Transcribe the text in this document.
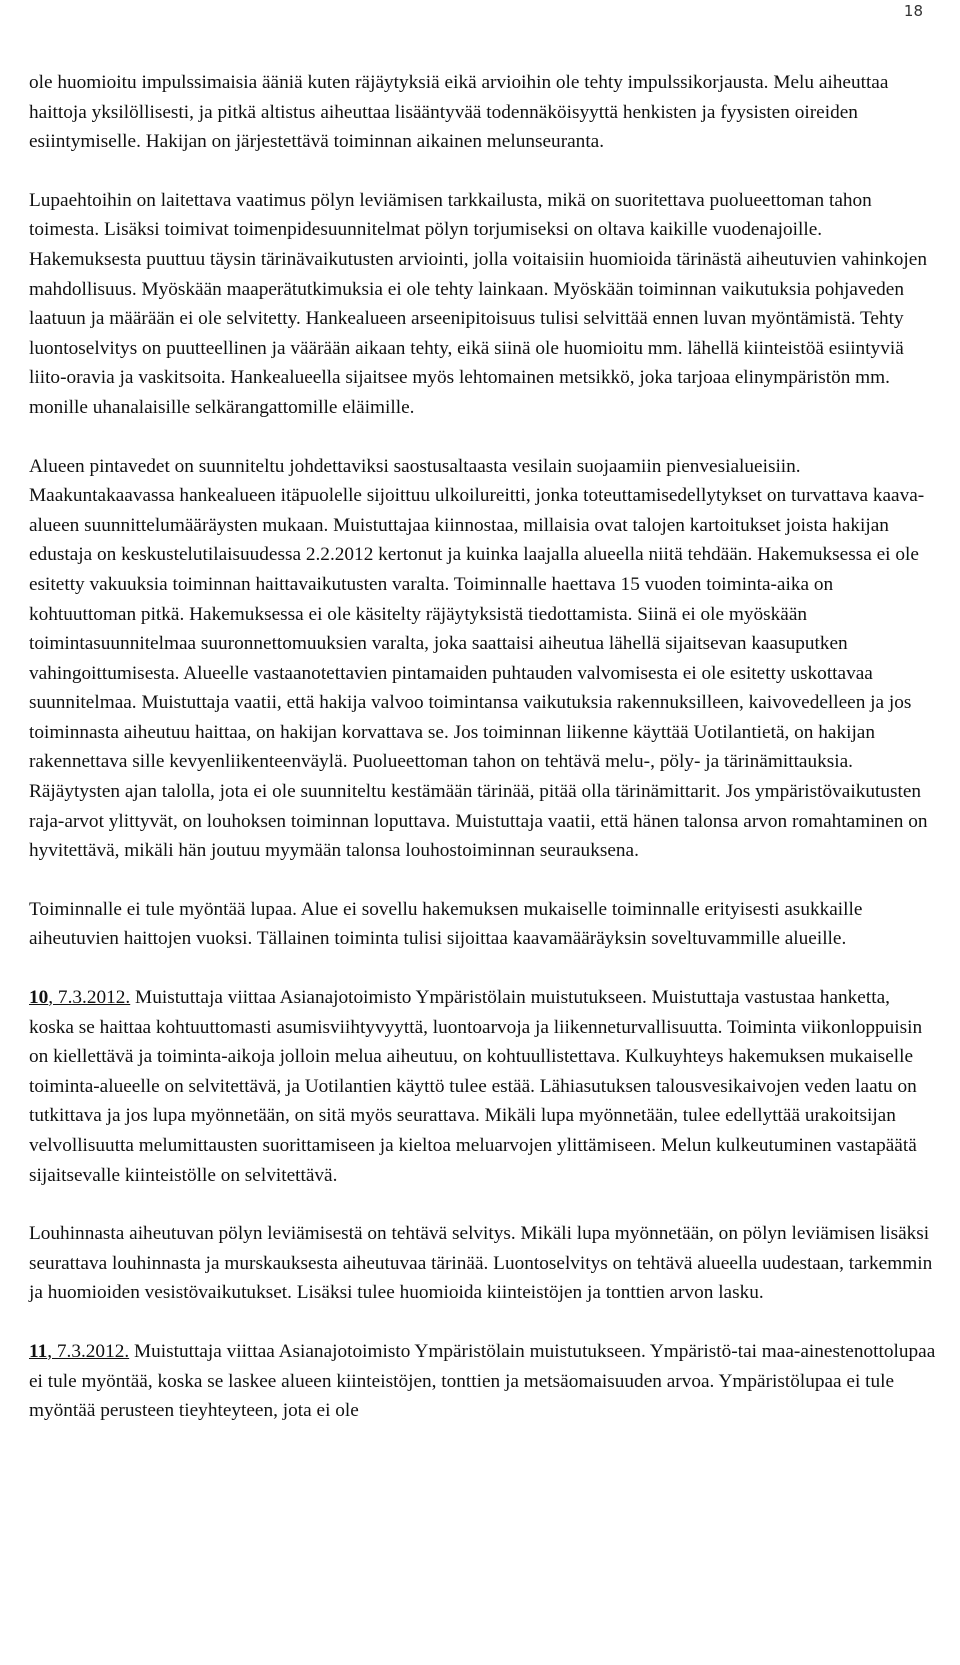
18

ole huomioitu impulssimaisia ääniä kuten räjäytyksiä eikä arvioihin ole tehty impulssikorjausta. Melu aiheuttaa haittoja yksilöllisesti, ja pitkä altistus aiheuttaa lisääntyvää todennäköisyyttä henkisten ja fyysisten oireiden esiintymiselle. Hakijan on järjestettävä toiminnan aikainen melunseuranta.

Lupaehtoihin on laitettava vaatimus pölyn leviämisen tarkkailusta, mikä on suoritettava puolueettoman tahon toimesta. Lisäksi toimivat toimenpidesuunnitelmat pölyn torjumiseksi on oltava kaikille vuodenajoille. Hakemuksesta puuttuu täysin tärinävaikutusten arviointi, jolla voitaisiin huomioida tärinästä aiheutuvien vahinkojen mahdollisuus. Myöskään maaperätutkimuksia ei ole tehty lainkaan. Myöskään toiminnan vaikutuksia pohjaveden laatuun ja määrään ei ole selvitetty. Hankealueen arseenipitoisuus tulisi selvittää ennen luvan myöntämistä. Tehty luontoselvitys on puutteellinen ja väärään aikaan tehty, eikä siinä ole huomioitu mm. lähellä kiinteistöä esiintyviä liito-oravia ja vaskitsoita. Hankealueella sijaitsee myös lehtomainen metsikkö, joka tarjoaa elinympäristön mm. monille uhanalaisille selkärangattomille eläimille.

Alueen pintavedet on suunniteltu johdettaviksi saostusaltaasta vesilain suojaamiin pienvesialueisiin. Maakuntakaavassa hankealueen itäpuolelle sijoittuu ulkoilureitti, jonka toteuttamisedellytykset on turvattava kaava-alueen suunnittelumääräysten mukaan. Muistuttajaa kiinnostaa, millaisia ovat talojen kartoitukset joista hakijan edustaja on keskustelutilaisuudessa 2.2.2012 kertonut ja kuinka laajalla alueella niitä tehdään. Hakemuksessa ei ole esitetty vakuuksia toiminnan haittavaikutusten varalta. Toiminnalle haettava 15 vuoden toiminta-aika on kohtuuttoman pitkä. Hakemuksessa ei ole käsitelty räjäytyksistä tiedottamista. Siinä ei ole myöskään toimintasuunnitelmaa suuronnettomuuksien varalta, joka saattaisi aiheutua lähellä sijaitsevan kaasuputken vahingoittumisesta. Alueelle vastaanotettavien pintamaiden puhtauden valvomisesta ei ole esitetty uskottavaa suunnitelmaa. Muistuttaja vaatii, että hakija valvoo toimintansa vaikutuksia rakennuksilleen, kaivovedelleen ja jos toiminnasta aiheutuu haittaa, on hakijan korvattava se. Jos toiminnan liikenne käyttää Uotilantietä, on hakijan rakennettava sille kevyenliikenteenväylä. Puolueettoman tahon on tehtävä melu-, pöly- ja tärinämittauksia. Räjäytysten ajan talolla, jota ei ole suunniteltu kestämään tärinää, pitää olla tärinämittarit. Jos ympäristövaikutusten raja-arvot ylittyvät, on louhoksen toiminnan loputtava. Muistuttaja vaatii, että hänen talonsa arvon romahtaminen on hyvitettävä, mikäli hän joutuu myymään talonsa louhostoiminnan seurauksena.

Toiminnalle ei tule myöntää lupaa. Alue ei sovellu hakemuksen mukaiselle toiminnalle erityisesti asukkaille aiheutuvien haittojen vuoksi. Tällainen toiminta tulisi sijoittaa kaavamääräyksin soveltuvammille alueille.

10, 7.3.2012. Muistuttaja viittaa Asianajotoimisto Ympäristölain muistutukseen. Muistuttaja vastustaa hanketta, koska se haittaa kohtuuttomasti asumisviihtyvyyttä, luontoarvoja ja liikenneturvallisuutta. Toiminta viikonloppuisin on kiellettävä ja toiminta-aikoja jolloin melua aiheutuu, on kohtuullistettava. Kulkuyhteys hakemuksen mukaiselle toiminta-alueelle on selvitettävä, ja Uotilantien käyttö tulee estää. Lähiasutuksen talousvesikaivojen veden laatu on tutkittava ja jos lupa myönnetään, on sitä myös seurattava. Mikäli lupa myönnetään, tulee edellyttää urakoitsijan velvollisuutta melumittausten suorittamiseen ja kieltoa meluarvojen ylittämiseen. Melun kulkeutuminen vastapäätä sijaitsevalle kiinteistölle on selvitettävä.

Louhinnasta aiheutuvan pölyn leviämisestä on tehtävä selvitys. Mikäli lupa myönnetään, on pölyn leviämisen lisäksi seurattava louhinnasta ja murskauksesta aiheutuvaa tärinää. Luontoselvitys on tehtävä alueella uudestaan, tarkemmin ja huomioiden vesistövaikutukset. Lisäksi tulee huomioida kiinteistöjen ja tonttien arvon lasku.

11, 7.3.2012. Muistuttaja viittaa Asianajotoimisto Ympäristölain muistutukseen. Ympäristö-tai maa-ainestenottolupaa ei tule myöntää, koska se laskee alueen kiinteistöjen, tonttien ja metsäomaisuuden arvoa. Ympäristölupaa ei tule myöntää perusteen tieyhteyteen, jota ei ole
